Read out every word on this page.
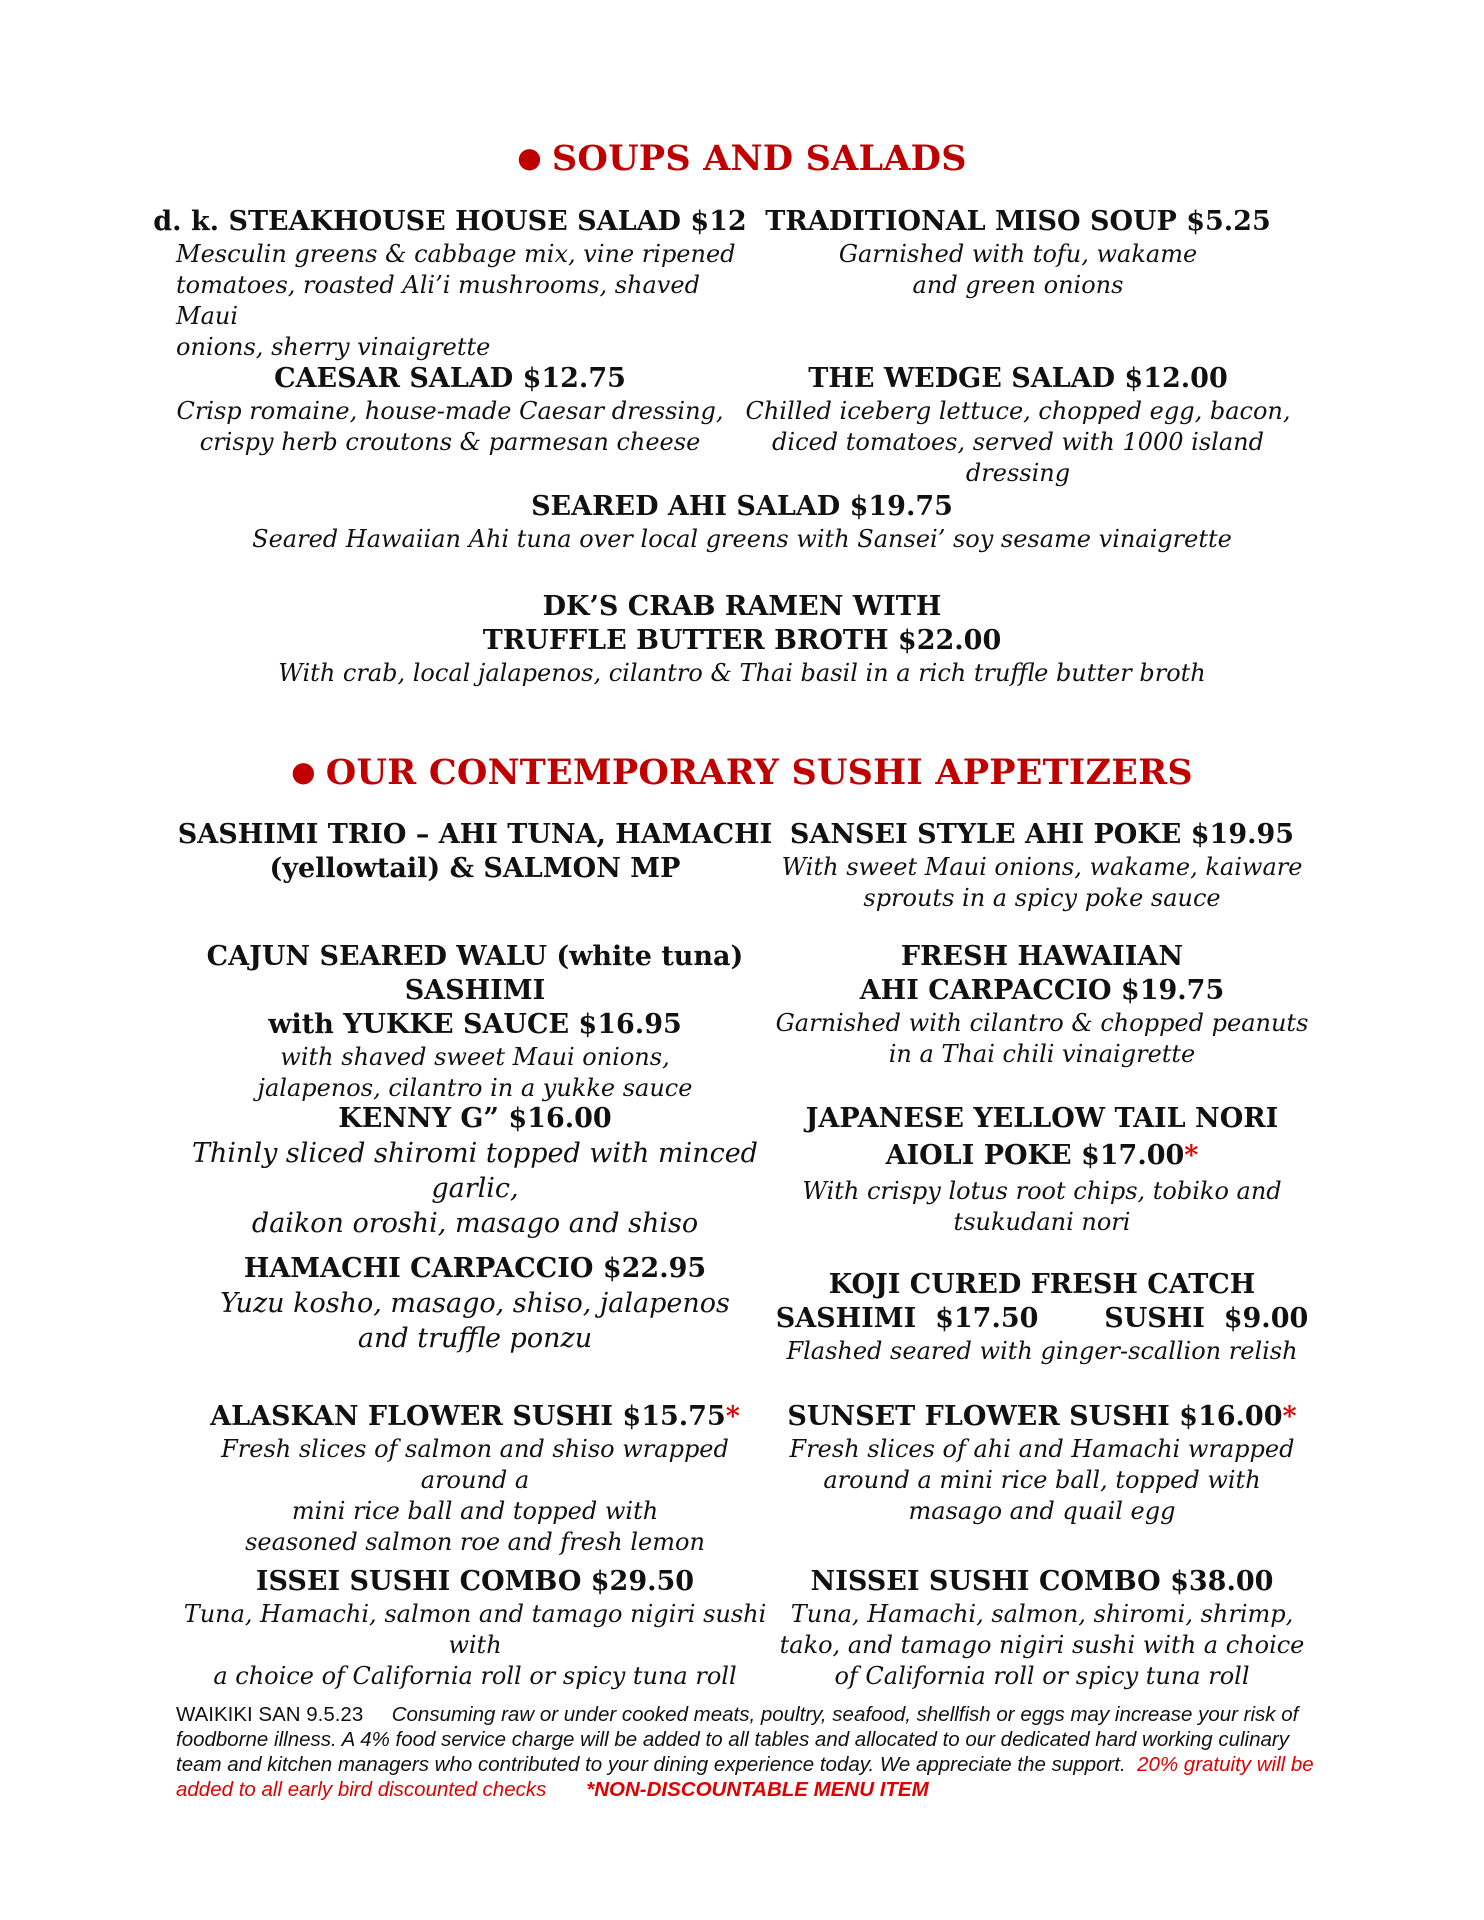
● SOUPS AND SALADS

d. k. STEAKHOUSE HOUSE SALAD $12

Mesculin greens & cabbage mix, vine ripened

tomatoes, roasted Ali’i mushrooms, shaved Maui

onions, sherry vinaigrette

TRADITIONAL MISO SOUP $5.25

Garnished with tofu, wakame

and green onions

CAESAR SALAD $12.75

Crisp romaine, house-made Caesar dressing,

crispy herb croutons & parmesan cheese

THE WEDGE SALAD $12.00

Chilled iceberg lettuce, chopped egg, bacon,

diced tomatoes, served with 1000 island dressing

SEARED AHI SALAD $19.75

Seared Hawaiian Ahi tuna over local greens with Sansei’ soy sesame vinaigrette

DK’S CRAB RAMEN WITH

TRUFFLE BUTTER BROTH $22.00

With crab, local jalapenos, cilantro & Thai basil in a rich truffle butter broth

● OUR CONTEMPORARY SUSHI APPETIZERS

SASHIMI TRIO – AHI TUNA, HAMACHI

(yellowtail) & SALMON MP

SANSEI STYLE AHI POKE $19.95

With sweet Maui onions, wakame, kaiware

sprouts in a spicy poke sauce

CAJUN SEARED WALU (white tuna) SASHIMI

with YUKKE SAUCE $16.95

with shaved sweet Maui onions,

jalapenos, cilantro in a yukke sauce

FRESH HAWAIIAN

AHI CARPACCIO $19.75

Garnished with cilantro & chopped peanuts

in a Thai chili vinaigrette

KENNY G” $16.00

Thinly sliced shiromi topped with minced garlic,

daikon oroshi, masago and shiso

JAPANESE YELLOW TAIL NORI

AIOLI POKE $17.00*

With crispy lotus root chips, tobiko and

tsukudani nori

HAMACHI CARPACCIO $22.95

Yuzu kosho, masago, shiso, jalapenos

and truffle ponzu

KOJI CURED FRESH CATCH

SASHIMI  $17.50       SUSHI  $9.00

Flashed seared with ginger-scallion relish

ALASKAN FLOWER SUSHI $15.75*

Fresh slices of salmon and shiso wrapped around a

mini rice ball and topped with

seasoned salmon roe and fresh lemon

SUNSET FLOWER SUSHI $16.00*

Fresh slices of ahi and Hamachi wrapped

around a mini rice ball, topped with

masago and quail egg

ISSEI SUSHI COMBO $29.50

Tuna, Hamachi, salmon and tamago nigiri sushi with

a choice of California roll or spicy tuna roll

NISSEI SUSHI COMBO $38.00

Tuna, Hamachi, salmon, shiromi, shrimp,

tako, and tamago nigiri sushi with a choice

of California roll or spicy tuna roll

WAIKIKI SAN 9.5.23 Consuming raw or under cooked meats, poultry, seafood, shellfish or eggs may increase your risk of foodborne illness. A 4% food service charge will be added to all tables and allocated to our dedicated hard working culinary team and kitchen managers who contributed to your dining experience today. We appreciate the support. 20% gratuity will be added to all early bird discounted checks *NON-DISCOUNTABLE MENU ITEM
